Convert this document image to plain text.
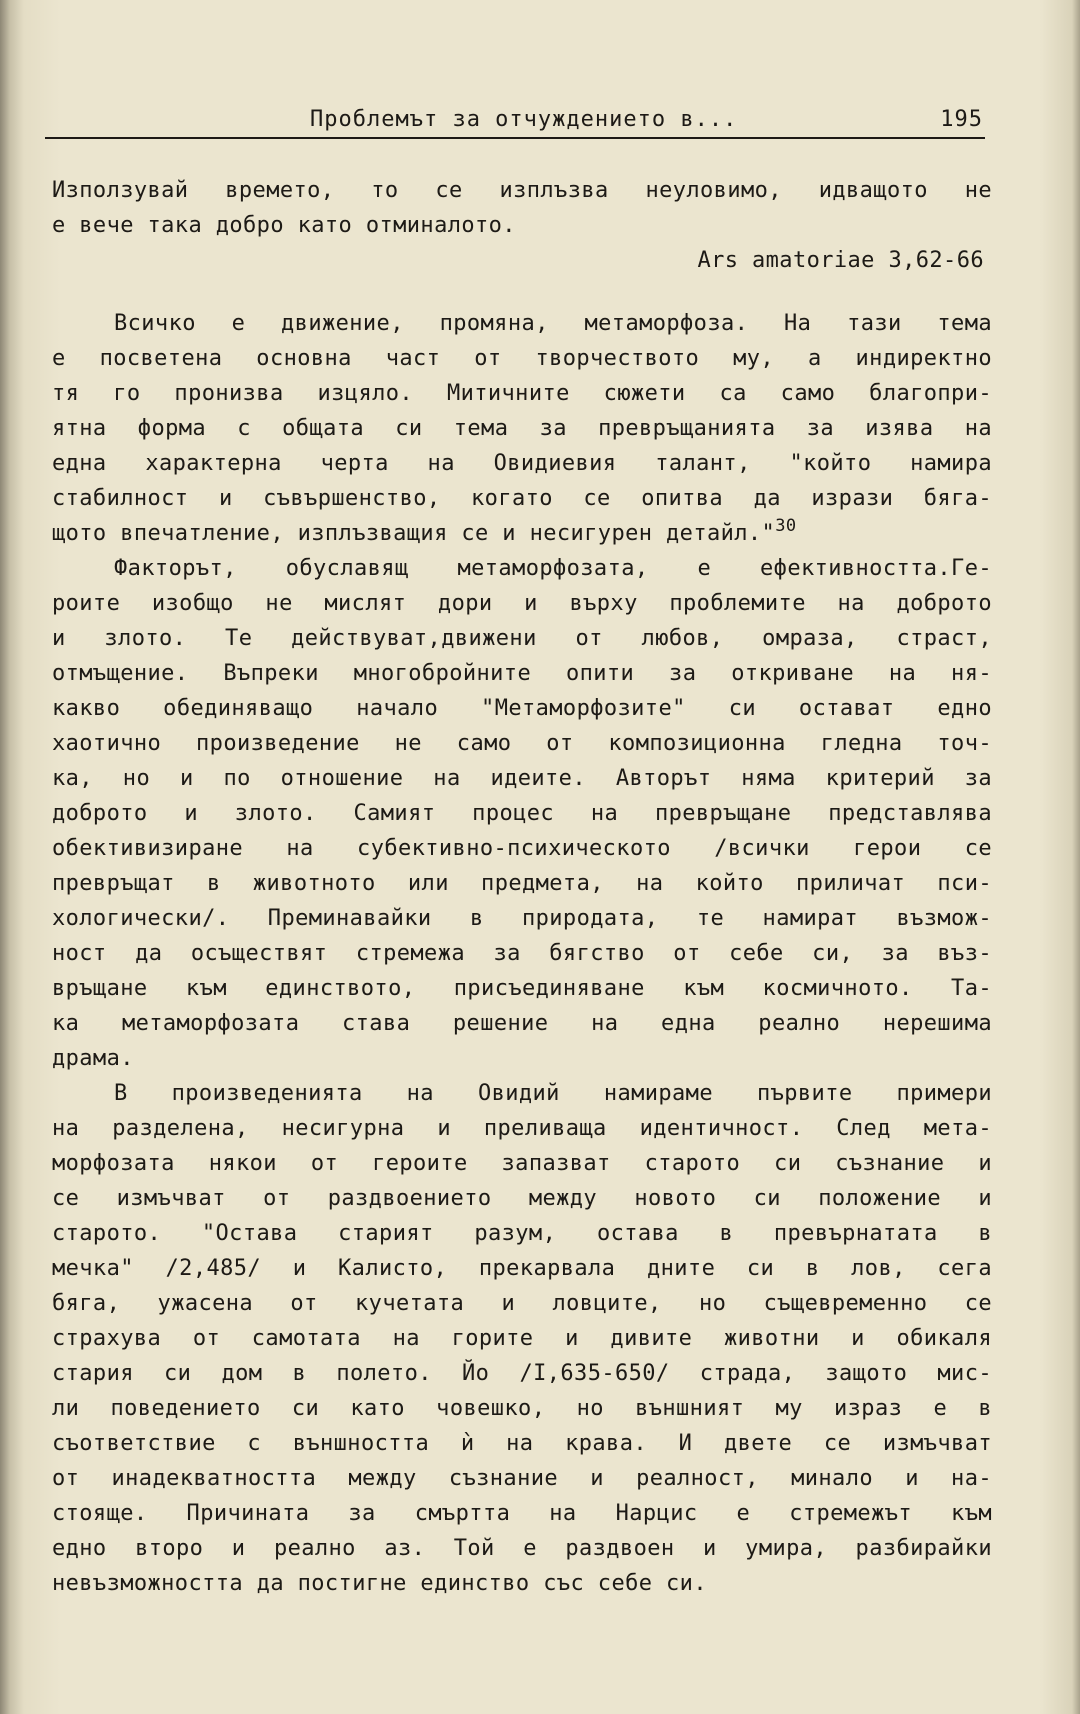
Проблемът за отчуждението в...	195
Използувай времето, то се изплъзва неуловимо, идващото не
е вече така добро като отминалото.
Ars amatoriae 3,62-66
Всичко е движение, промяна, метаморфоза. На тази тема
е посветена основна част от творчеството му, а индиректно
тя го пронизва изцяло. Митичните сюжети са само благопри-
ятна форма с общата си тема за превръщанията за изява на
една характерна черта на Овидиевия талант, "който намира
стабилност и съвършенство, когато се опитва да изрази бяга-
щото впечатление, изплъзващия се и несигурен детайл."$^{30}$
Факторът, обуславящ метаморфозата, е ефективността.Ге-
роите изобщо не мислят дори и върху проблемите на доброто
и злото. Те действуват,движени от любов, омраза, страст,
отмъщение. Въпреки многобройните опити за откриване на ня-
какво обединяващо начало "Метаморфозите" си остават едно
хаотично произведение не само от композиционна гледна точ-
ка, но и по отношение на идеите. Авторът няма критерий за
доброто и злото. Самият процес на превръщане представлява
обективизиране на субективно-психическото /всички герои се
превръщат в животното или предмета, на който приличат пси-
хологически/. Преминавайки в природата, те намират възмож-
ност да осъществят стремежа за бягство от себе си, за въз-
връщане към единството, присъединяване към космичното. Та-
ка метаморфозата става решение на една реално нерешима
драма.
В произведенията на Овидий намираме първите примери
на разделена, несигурна и преливаща идентичност. След мета-
морфозата някои от героите запазват старото си съзнание и
се измъчват от раздвоението между новото си положение и
старото. "Остава старият разум, остава в превърнатата в
мечка" /2,485/ и Калисто, прекарвала дните си в лов, сега
бяга, ужасена от кучетата и ловците, но същевременно се
страхува от самотата на горите и дивите животни и обикаля
стария си дом в полето. Йо /I,635-650/ страда, защото мис-
ли поведението си като човешко, но външният му израз е в
съответствие с външността ѝ на крава. И двете се измъчват
от инадекватността между съзнание и реалност, минало и на-
стояще. Причината за смъртта на Нарцис е стремежът към
едно второ и реално аз. Той е раздвоен и умира, разбирайки
невъзможността да постигне единство със себе си.
